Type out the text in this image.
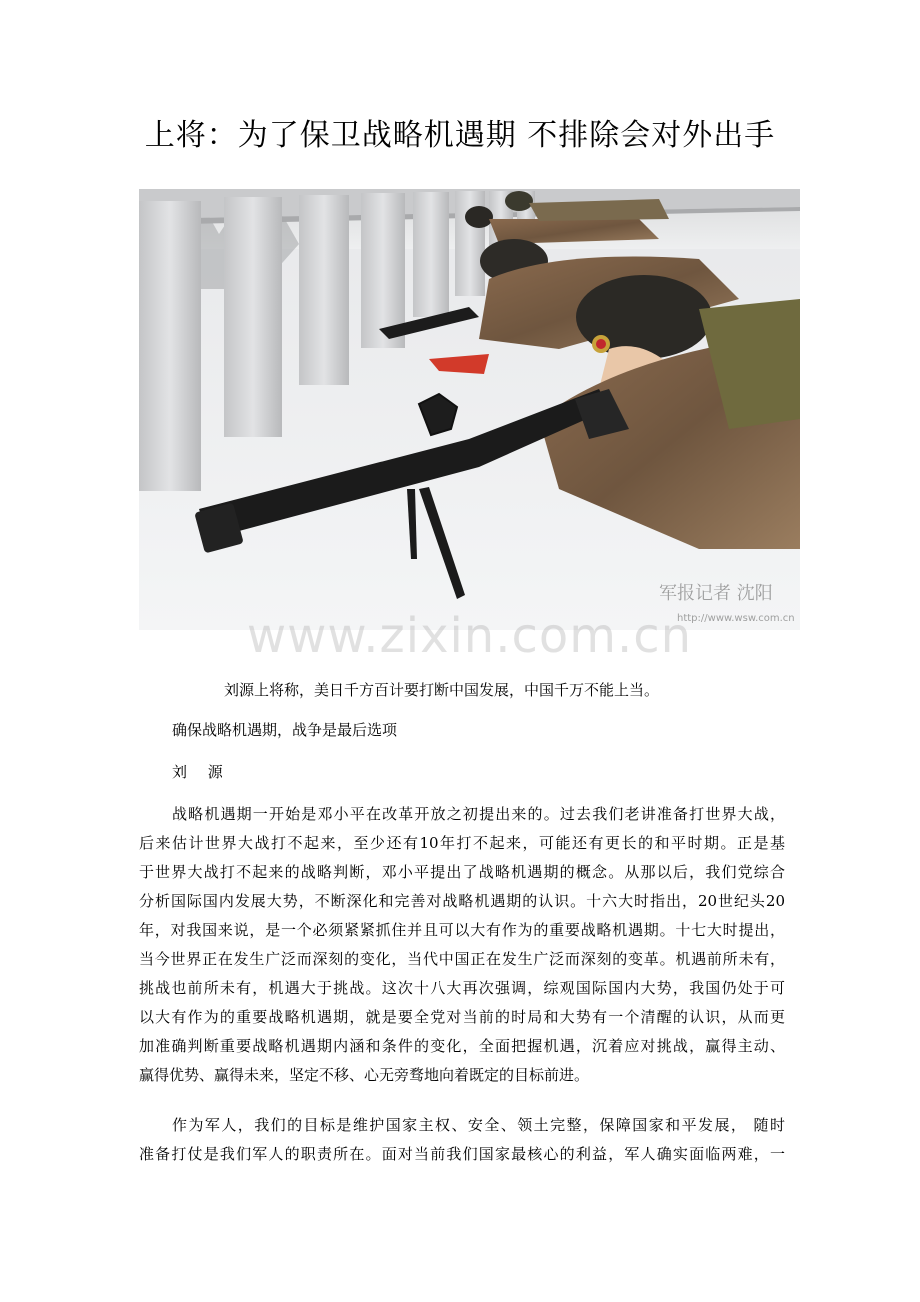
上将：为了保卫战略机遇期 不排除会对外出手
军报记者 沈阳
http://www.wsw.com.cn
www.zixin.com.cn
刘源上将称，美日千方百计要打断中国发展，中国千万不能上当。
确保战略机遇期，战争是最后选项
刘 源
战略机遇期一开始是邓小平在改革开放之初提出来的。过去我们老讲准备打世界大战，
后来估计世界大战打不起来，至少还有10年打不起来，可能还有更长的和平时期。正是基
于世界大战打不起来的战略判断，邓小平提出了战略机遇期的概念。从那以后，我们党综合
分析国际国内发展大势，不断深化和完善对战略机遇期的认识。十六大时指出，20世纪头20
年，对我国来说，是一个必须紧紧抓住并且可以大有作为的重要战略机遇期。十七大时提出，
当今世界正在发生广泛而深刻的变化，当代中国正在发生广泛而深刻的变革。机遇前所未有，
挑战也前所未有，机遇大于挑战。这次十八大再次强调，综观国际国内大势，我国仍处于可
以大有作为的重要战略机遇期，就是要全党对当前的时局和大势有一个清醒的认识，从而更
加准确判断重要战略机遇期内涵和条件的变化，全面把握机遇，沉着应对挑战，赢得主动、
赢得优势、赢得未来，坚定不移、心无旁骛地向着既定的目标前进。
作为军人，我们的目标是维护国家主权、安全、领土完整，保障国家和平发展， 随时
准备打仗是我们军人的职责所在。面对当前我们国家最核心的利益，军人确实面临两难，一
